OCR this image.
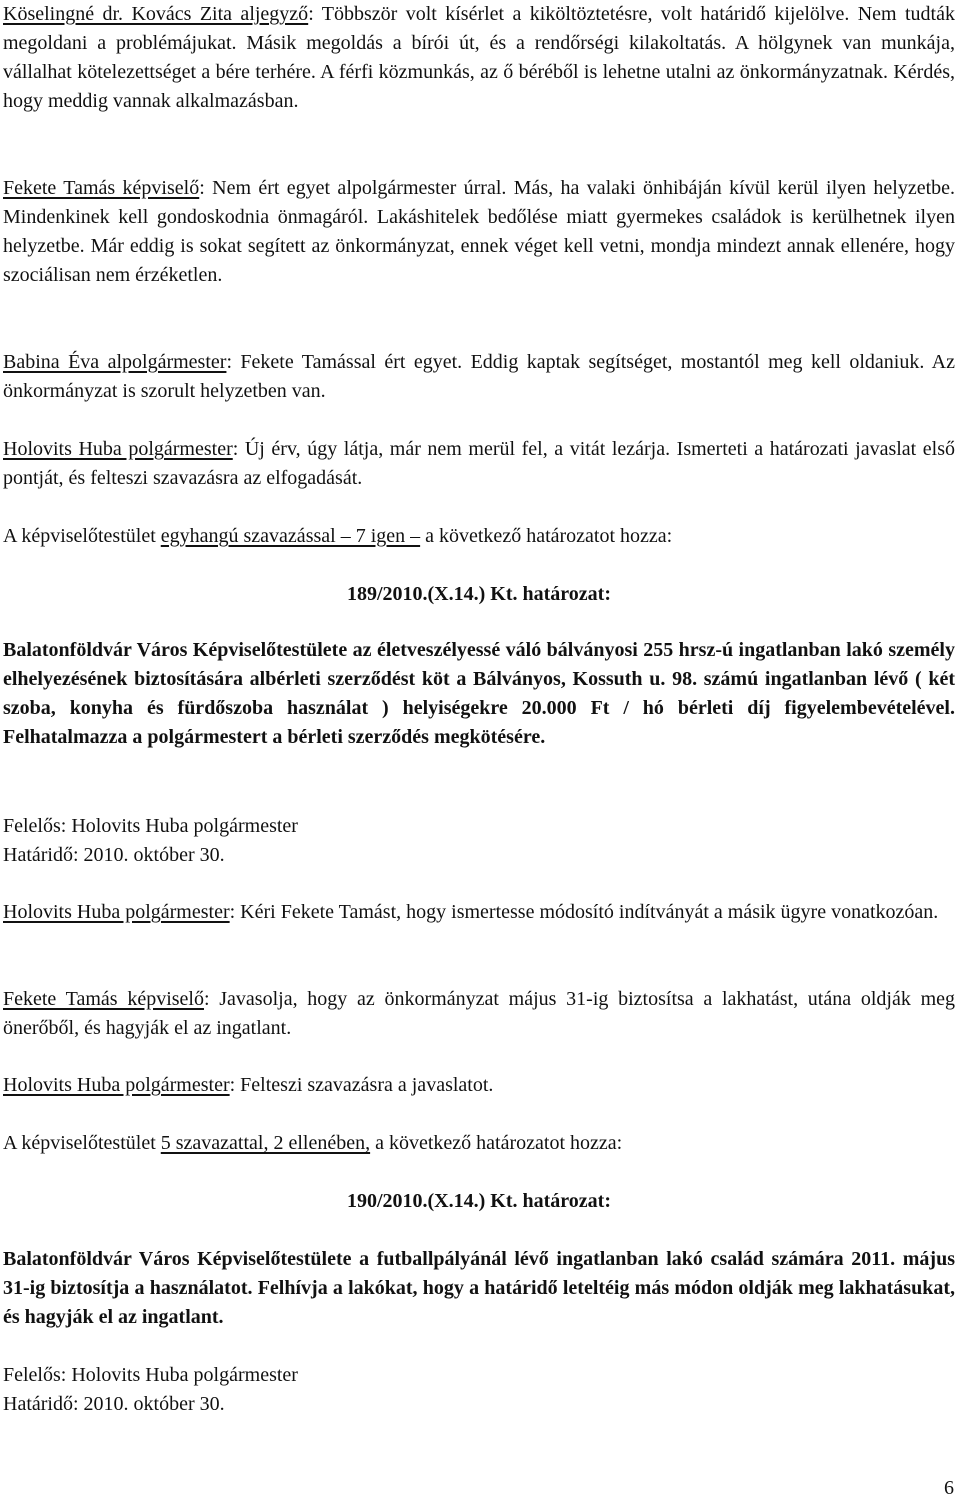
Köselingné dr. Kovács Zita aljegyző: Többször volt kísérlet a kiköltöztetésre, volt határidő kijelölve. Nem tudták megoldani a problémájukat. Másik megoldás a bírói út, és a rendőrségi kilakoltatás. A hölgynek van munkája, vállalhat kötelezettséget a bére terhére. A férfi közmunkás, az ő béréből is lehetne utalni az önkormányzatnak. Kérdés, hogy meddig vannak alkalmazásban.

Fekete Tamás képviselő: Nem ért egyet alpolgármester úrral. Más, ha valaki önhibáján kívül kerül ilyen helyzetbe. Mindenkinek kell gondoskodnia önmagáról. Lakáshitelek bedőlése miatt gyermekes családok is kerülhetnek ilyen helyzetbe. Már eddig is sokat segített az önkormányzat, ennek véget kell vetni, mondja mindezt annak ellenére, hogy szociálisan nem érzéketlen.

Babina Éva alpolgármester: Fekete Tamással ért egyet. Eddig kaptak segítséget, mostantól meg kell oldaniuk. Az önkormányzat is szorult helyzetben van.

Holovits Huba polgármester: Új érv, úgy látja, már nem merül fel, a vitát lezárja. Ismerteti a határozati javaslat első pontját, és felteszi szavazásra az elfogadását.

A képviselőtestület egyhangú szavazással – 7 igen – a következő határozatot hozza:

189/2010.(X.14.) Kt. határozat:

Balatonföldvár Város Képviselőtestülete az életveszélyessé váló bálványosi 255 hrsz-ú ingatlanban lakó személy elhelyezésének biztosítására albérleti szerződést köt a Bálványos, Kossuth u. 98. számú ingatlanban lévő ( két szoba, konyha és fürdőszoba használat ) helyiségekre 20.000 Ft / hó bérleti díj figyelembevételével. Felhatalmazza a polgármestert a bérleti szerződés megkötésére.

Felelős: Holovits Huba polgármester

Határidő: 2010. október 30.

Holovits Huba polgármester: Kéri Fekete Tamást, hogy ismertesse módosító indítványát a másik ügyre vonatkozóan.

Fekete Tamás képviselő: Javasolja, hogy az önkormányzat május 31-ig biztosítsa a lakhatást, utána oldják meg önerőből, és hagyják el az ingatlant.

Holovits Huba polgármester: Felteszi szavazásra a javaslatot.

A képviselőtestület 5 szavazattal, 2 ellenében, a következő határozatot hozza:

190/2010.(X.14.) Kt. határozat:

Balatonföldvár Város Képviselőtestülete a futballpályánál lévő ingatlanban lakó család számára 2011. május 31-ig biztosítja a használatot. Felhívja a lakókat, hogy a határidő leteltéig más módon oldják meg lakhatásukat, és hagyják el az ingatlant.

Felelős: Holovits Huba polgármester

Határidő: 2010. október 30.

6
